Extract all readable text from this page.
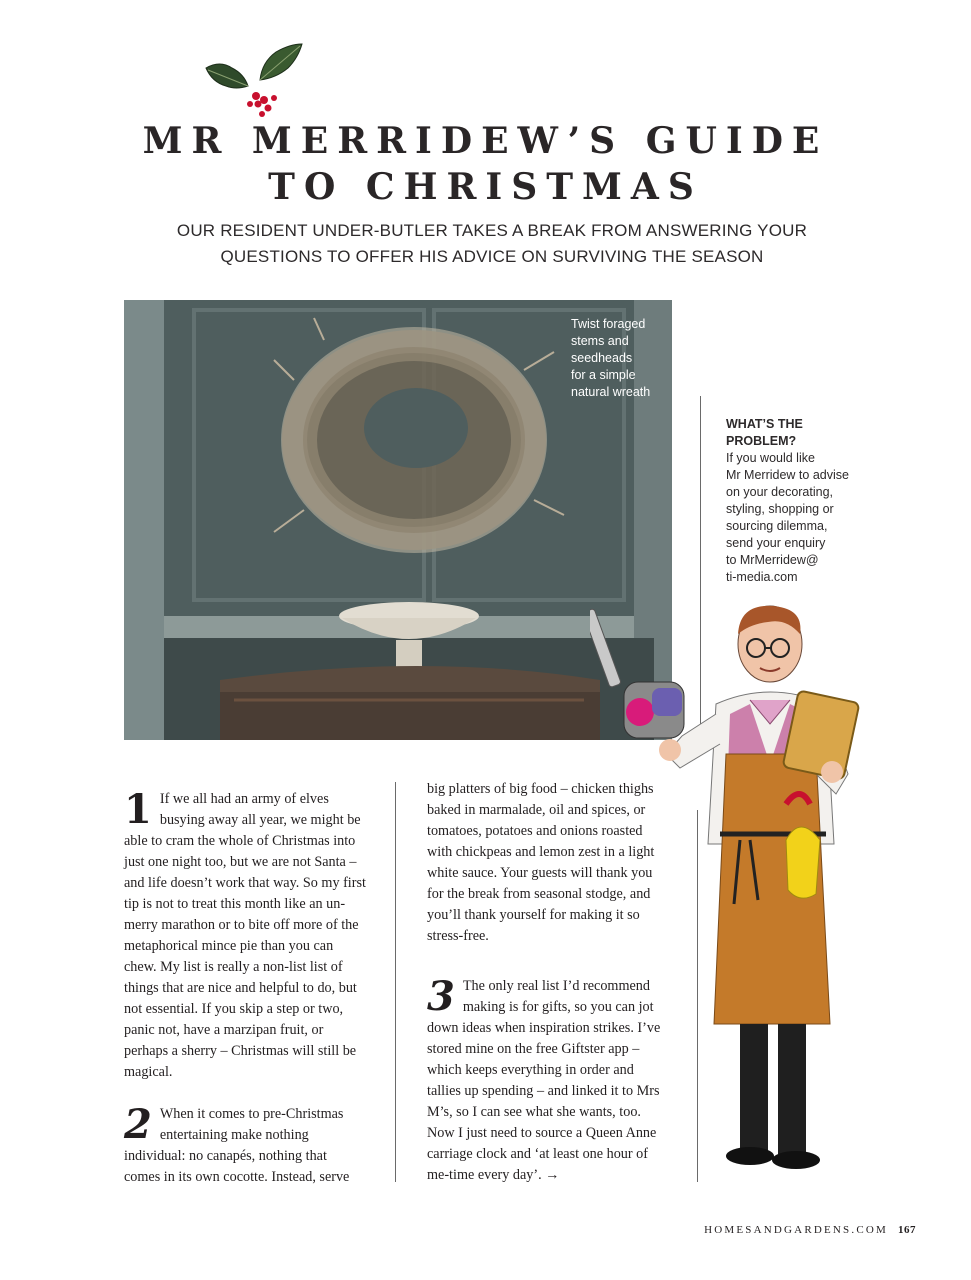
MR MERRIDEW’S GUIDE
TO CHRISTMAS
OUR RESIDENT UNDER-BUTLER TAKES A BREAK FROM ANSWERING YOUR
QUESTIONS TO OFFER HIS ADVICE ON SURVIVING THE SEASON
Twist foraged
stems and
seedheads
for a simple
natural wreath
WHAT’S THE
PROBLEM?
If you would like
Mr Merridew to advise
on your decorating,
styling, shopping or
sourcing dilemma,
send your enquiry
to MrMerridew@
ti-media.com

1 If we all had an army of elves busying away all year, we might be able to cram the whole of Christmas into just one night too, but we are not Santa – and life doesn’t work that way. So my first tip is not to treat this month like an un-merry marathon or to bite off more of the metaphorical mince pie than you can chew. My list is really a non-list list of things that are nice and helpful to do, but not essential. If you skip a step or two, panic not, have a marzipan fruit, or perhaps a sherry – Christmas will still be magical.

2 When it comes to pre-Christmas entertaining make nothing individual: no canapés, nothing that comes in its own cocotte. Instead, serve

big platters of big food – chicken thighs baked in marmalade, oil and spices, or tomatoes, potatoes and onions roasted with chickpeas and lemon zest in a light white sauce. Your guests will thank you for the break from seasonal stodge, and you’ll thank yourself for making it so stress-free.

3 The only real list I’d recommend making is for gifts, so you can jot down ideas when inspiration strikes. I’ve stored mine on the free Giftster app – which keeps everything in order and tallies up spending – and linked it to Mrs M’s, so I can see what she wants, too. Now I just need to source a Queen Anne carriage clock and ‘at least one hour of me-time every day’. →

HOMESANDGARDENS.COM 167
